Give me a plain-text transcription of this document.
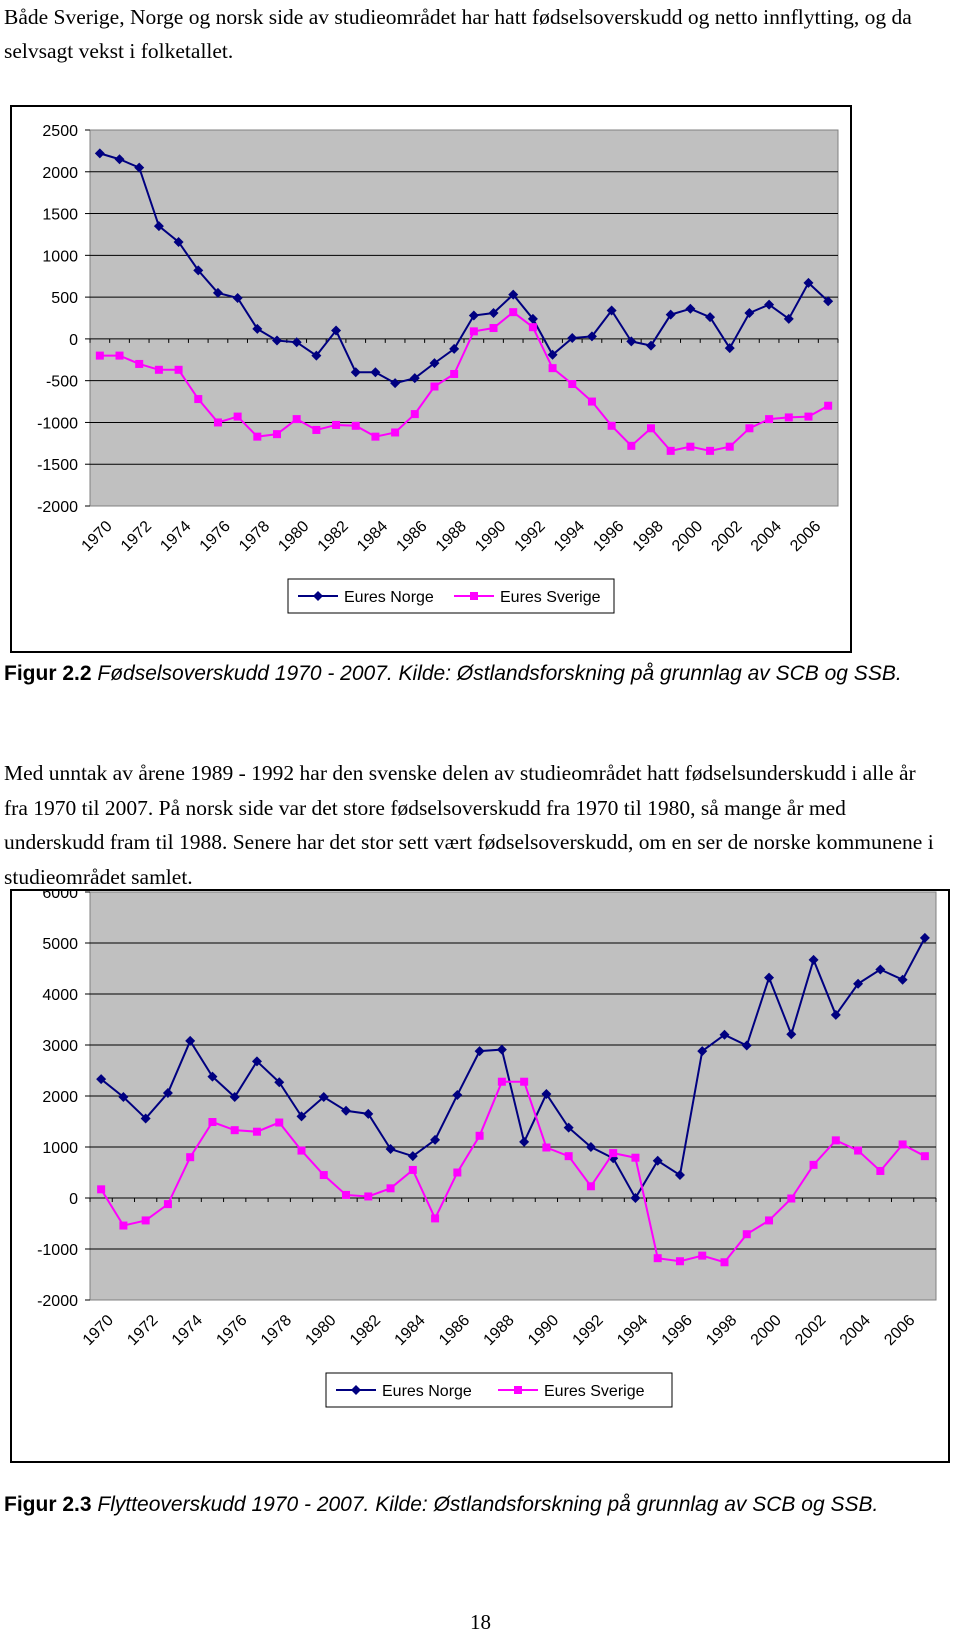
Både Sverige, Norge og norsk side av studieområdet har hatt fødselsoverskudd og netto innflytting, og da selvsagt vekst i folketallet.

2500
2000
1500
1000
500
0
-500
-1000
-1500
-2000
1970 1972 1974 1976 1978 1980 1982 1984 1986 1988 1990 1992 1994 1996 1998 2000 2002 2004 2006
Eures Norge	Eures Sverige

Figur 2.2 Fødselsoverskudd 1970 - 2007. Kilde: Østlandsforskning på grunnlag av SCB og SSB.

Med unntak av årene 1989 - 1992 har den svenske delen av studieområdet hatt fødselsunderskudd i alle år fra 1970 til 2007. På norsk side var det store fødselsoverskudd fra 1970 til 1980, så mange år med underskudd fram til 1988. Senere har det stor sett vært fødselsoverskudd, om en ser de norske kommunene i studieområdet samlet.

6000
5000
4000
3000
2000
1000
0
-1000
-2000
1970 1972 1974 1976 1978 1980 1982 1984 1986 1988 1990 1992 1994 1996 1998 2000 2002 2004 2006
Eures Norge	Eures Sverige

Figur 2.3 Flytteoverskudd 1970 - 2007. Kilde: Østlandsforskning på grunnlag av SCB og SSB.

18
